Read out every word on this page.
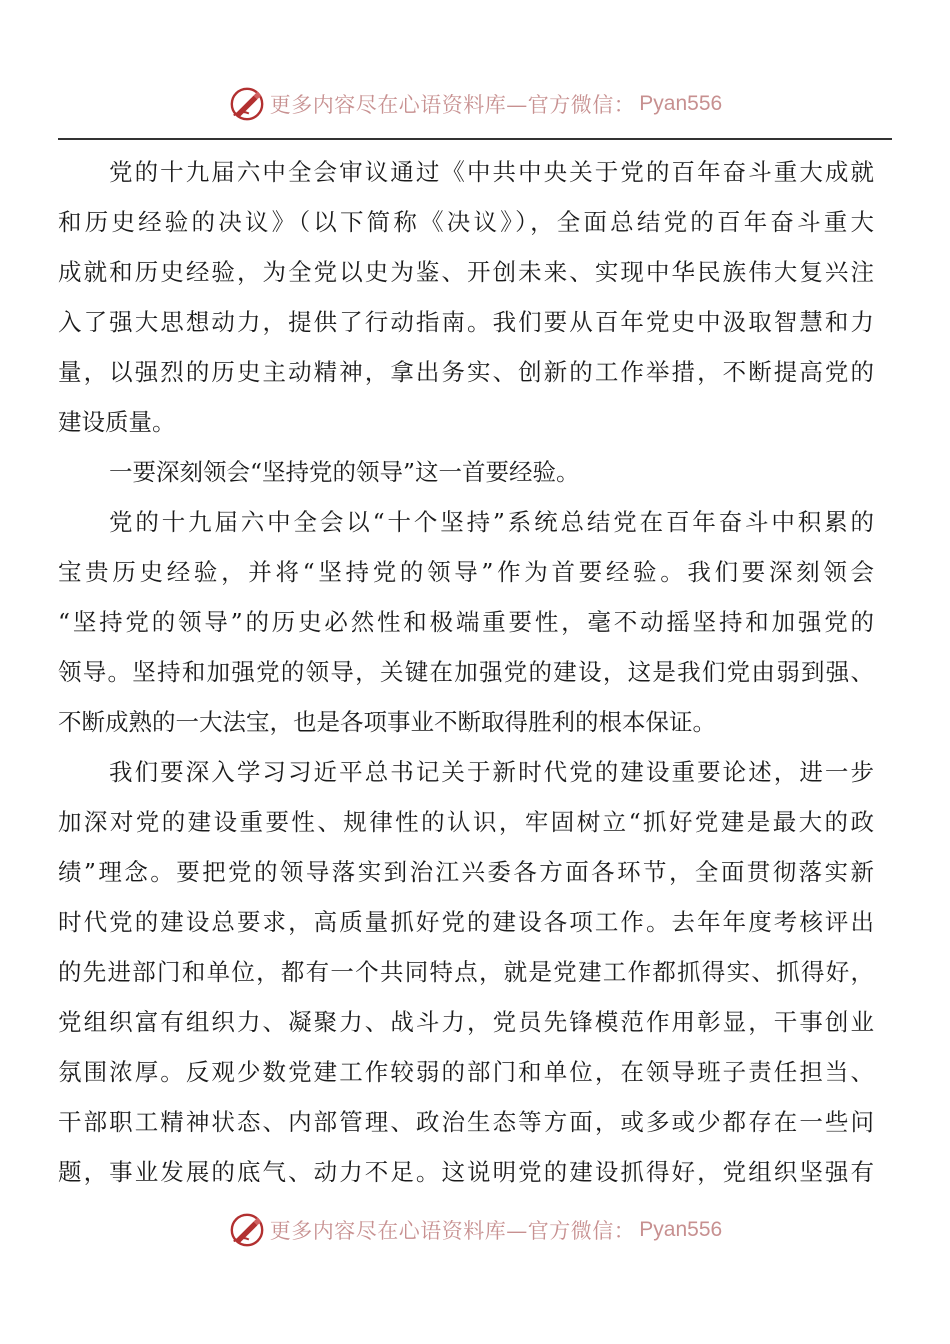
更多内容尽在心语资料库—官方微信： Pyan556
党的十九届六中全会审议通过《中共中央关于党的百年奋斗重大成就
和历史经验的决议》（以下简称《决议》），全面总结党的百年奋斗重大
成就和历史经验，为全党以史为鉴、开创未来、实现中华民族伟大复兴注
入了强大思想动力，提供了行动指南。我们要从百年党史中汲取智慧和力
量，以强烈的历史主动精神，拿出务实、创新的工作举措，不断提高党的
建设质量。
一要深刻领会“坚持党的领导”这一首要经验。
党的十九届六中全会以“十个坚持”系统总结党在百年奋斗中积累的
宝贵历史经验，并将“坚持党的领导”作为首要经验。我们要深刻领会
“坚持党的领导”的历史必然性和极端重要性，毫不动摇坚持和加强党的
领导。坚持和加强党的领导，关键在加强党的建设，这是我们党由弱到强、
不断成熟的一大法宝，也是各项事业不断取得胜利的根本保证。
我们要深入学习习近平总书记关于新时代党的建设重要论述，进一步
加深对党的建设重要性、规律性的认识，牢固树立“抓好党建是最大的政
绩”理念。要把党的领导落实到治江兴委各方面各环节，全面贯彻落实新
时代党的建设总要求，高质量抓好党的建设各项工作。去年年度考核评出
的先进部门和单位，都有一个共同特点，就是党建工作都抓得实、抓得好，
党组织富有组织力、凝聚力、战斗力，党员先锋模范作用彰显，干事创业
氛围浓厚。反观少数党建工作较弱的部门和单位，在领导班子责任担当、
干部职工精神状态、内部管理、政治生态等方面，或多或少都存在一些问
题，事业发展的底气、动力不足。这说明党的建设抓得好，党组织坚强有
更多内容尽在心语资料库—官方微信： Pyan556
